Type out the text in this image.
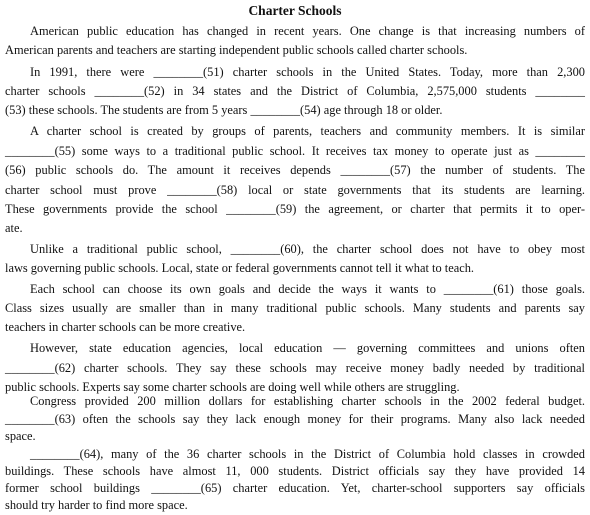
Charter Schools
American public education has changed in recent years. One change is that increasing numbers of
American parents and teachers are starting independent public schools called charter schools.
In 1991, there were ________(51) charter schools in the United States. Today, more than 2,300
charter schools ________(52) in 34 states and the District of Columbia, 2,575,000 students ________
(53) these schools. The students are from 5 years ________(54) age through 18 or older.
A charter school is created by groups of parents, teachers and community members. It is similar
________(55) some ways to a traditional public school. It receives tax money to operate just as ________
(56) public schools do. The amount it receives depends ________(57) the number of students. The
charter school must prove ________(58) local or state governments that its students are learning.
These governments provide the school ________(59) the agreement, or charter that permits it to oper-
ate.
Unlike a traditional public school, ________(60), the charter school does not have to obey most
laws governing public schools. Local, state or federal governments cannot tell it what to teach.
Each school can choose its own goals and decide the ways it wants to ________(61) those goals.
Class sizes usually are smaller than in many traditional public schools. Many students and parents say
teachers in charter schools can be more creative.
However, state education agencies, local education — governing committees and unions often
________(62) charter schools. They say these schools may receive money badly needed by traditional
public schools. Experts say some charter schools are doing well while others are struggling.
Congress provided 200 million dollars for establishing charter schools in the 2002 federal budget.
________(63) often the schools say they lack enough money for their programs. Many also lack needed
space.
________(64), many of the 36 charter schools in the District of Columbia hold classes in crowded
buildings. These schools have almost 11, 000 students. District officials say they have provided 14
former school buildings ________(65) charter education. Yet, charter-school supporters say officials
should try harder to find more space.
